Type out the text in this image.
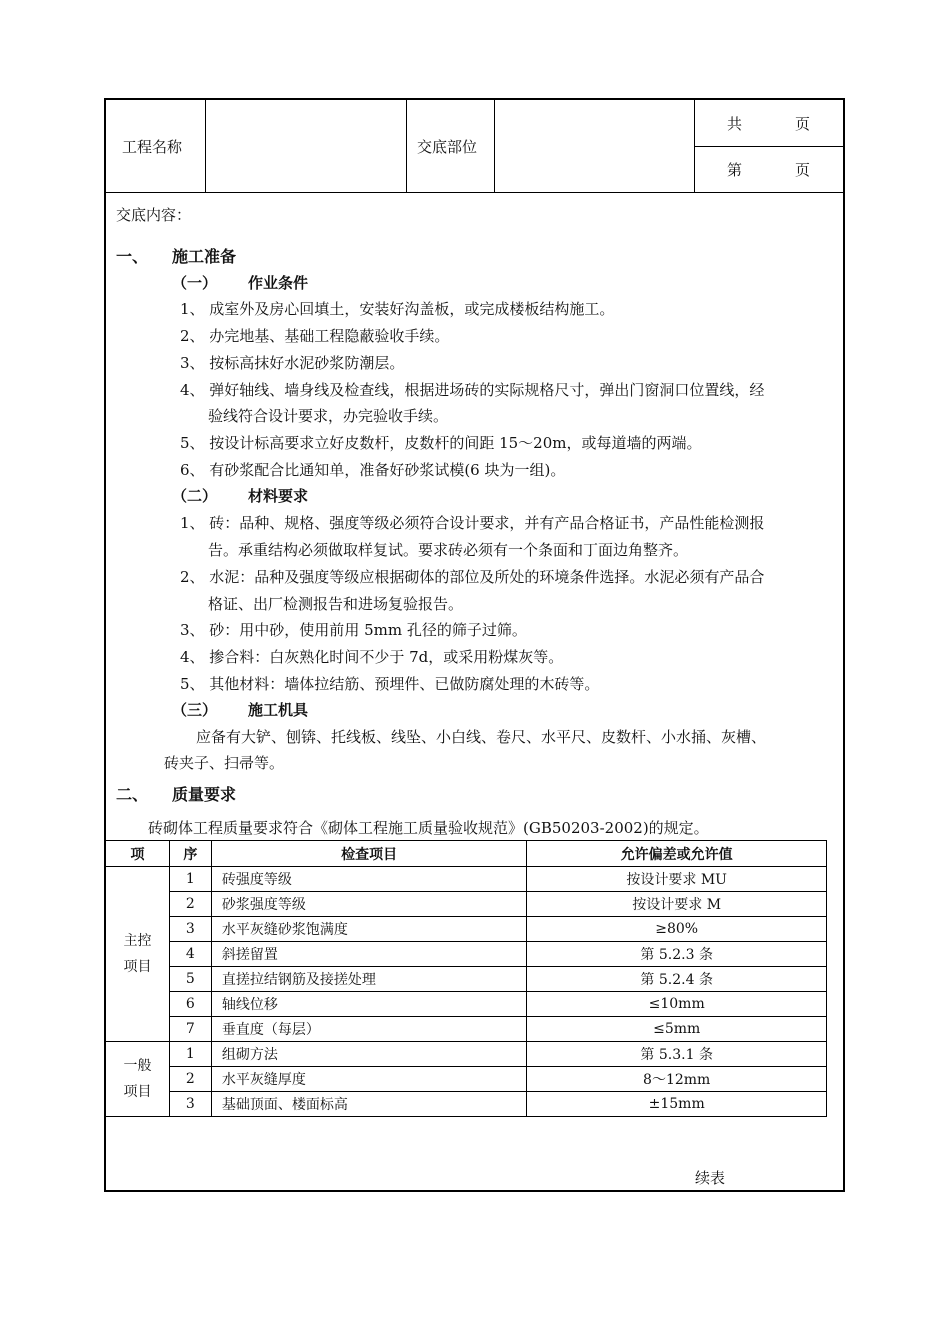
工程名称	交底部位
共	页
第	页
交底内容：
一、 施工准备
（一） 作业条件
1、 成室外及房心回填土，安装好沟盖板，或完成楼板结构施工。
2、 办完地基、基础工程隐蔽验收手续。
3、 按标高抹好水泥砂浆防潮层。
4、 弹好轴线、墙身线及检查线，根据进场砖的实际规格尺寸，弹出门窗洞口位置线，经
验线符合设计要求，办完验收手续。
5、 按设计标高要求立好皮数杆，皮数杆的间距 15～20m，或每道墙的两端。
6、 有砂浆配合比通知单，准备好砂浆试模(6 块为一组)。
（二） 材料要求
1、 砖：品种、规格、强度等级必须符合设计要求，并有产品合格证书，产品性能检测报
告。承重结构必须做取样复试。要求砖必须有一个条面和丁面边角整齐。
2、 水泥：品种及强度等级应根据砌体的部位及所处的环境条件选择。水泥必须有产品合
格证、出厂检测报告和进场复验报告。
3、 砂：用中砂，使用前用 5mm 孔径的筛子过筛。
4、 掺合料：白灰熟化时间不少于 7d，或采用粉煤灰等。
5、 其他材料：墙体拉结筋、预埋件、已做防腐处理的木砖等。
（三） 施工机具
应备有大铲、刨锛、托线板、线坠、小白线、卷尺、水平尺、皮数杆、小水捅、灰槽、
砖夹子、扫帚等。
二、 质量要求
砖砌体工程质量要求符合《砌体工程施工质量验收规范》(GB50203-2002)的规定。
项	序	检查项目	允许偏差或允许值

主控
项目	1	砖强度等级	按设计要求 MU
	2	砂浆强度等级	按设计要求 M
	3	水平灰缝砂浆饱满度	≥80%
	4	斜搓留置	第 5.2.3 条
	5	直搓拉结钢筋及接搓处理	第 5.2.4 条
	6	轴线位移	≤10mm
	7	垂直度（每层）	≤5mm

一般
项目	1	组砌方法	第 5.3.1 条
	2	水平灰缝厚度	8～12mm
	3	基础顶面、楼面标高	±15mm
续表
